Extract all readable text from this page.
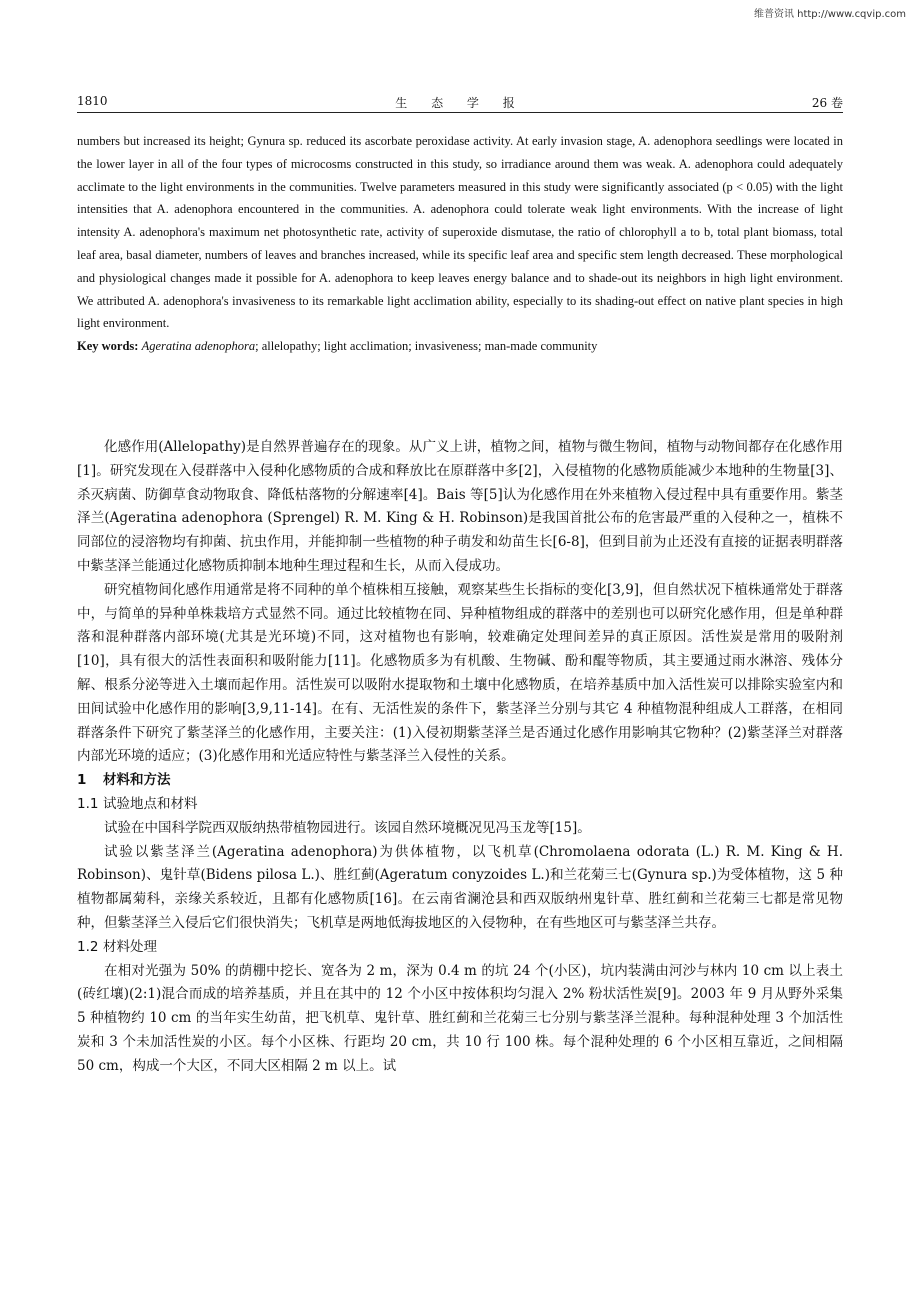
维普资讯 http://www.cqvip.com
1810	生 态 学 报	26 卷

numbers but increased its height; Gynura sp. reduced its ascorbate peroxidase activity. At early invasion stage, A. adenophora seedlings were located in the lower layer in all of the four types of microcosms constructed in this study, so irradiance around them was weak. A. adenophora could adequately acclimate to the light environments in the communities. Twelve parameters measured in this study were significantly associated (p < 0.05) with the light intensities that A. adenophora encountered in the communities. A. adenophora could tolerate weak light environments. With the increase of light intensity A. adenophora's maximum net photosynthetic rate, activity of superoxide dismutase, the ratio of chlorophyll a to b, total plant biomass, total leaf area, basal diameter, numbers of leaves and branches increased, while its specific leaf area and specific stem length decreased. These morphological and physiological changes made it possible for A. adenophora to keep leaves energy balance and to shade-out its neighbors in high light environment. We attributed A. adenophora's invasiveness to its remarkable light acclimation ability, especially to its shading-out effect on native plant species in high light environment.

Key words: Ageratina adenophora; allelopathy; light acclimation; invasiveness; man-made community

化感作用(Allelopathy)是自然界普遍存在的现象。从广义上讲，植物之间，植物与微生物间，植物与动物间都存在化感作用[1]。研究发现在入侵群落中入侵种化感物质的合成和释放比在原群落中多[2]，入侵植物的化感物质能减少本地种的生物量[3]、杀灭病菌、防御草食动物取食、降低枯落物的分解速率[4]。Bais 等[5]认为化感作用在外来植物入侵过程中具有重要作用。紫茎泽兰(Ageratina adenophora (Sprengel) R. M. King & H. Robinson)是我国首批公布的危害最严重的入侵种之一，植株不同部位的浸溶物均有抑菌、抗虫作用，并能抑制一些植物的种子萌发和幼苗生长[6-8]，但到目前为止还没有直接的证据表明群落中紫茎泽兰能通过化感物质抑制本地种生理过程和生长，从而入侵成功。

研究植物间化感作用通常是将不同种的单个植株相互接触，观察某些生长指标的变化[3,9]，但自然状况下植株通常处于群落中，与简单的异种单株栽培方式显然不同。通过比较植物在同、异种植物组成的群落中的差别也可以研究化感作用，但是单种群落和混种群落内部环境(尤其是光环境)不同，这对植物也有影响，较难确定处理间差异的真正原因。活性炭是常用的吸附剂[10]，具有很大的活性表面积和吸附能力[11]。化感物质多为有机酸、生物碱、酚和醌等物质，其主要通过雨水淋溶、残体分解、根系分泌等进入土壤而起作用。活性炭可以吸附水提取物和土壤中化感物质，在培养基质中加入活性炭可以排除实验室内和田间试验中化感作用的影响[3,9,11-14]。在有、无活性炭的条件下，紫茎泽兰分别与其它 4 种植物混种组成人工群落，在相同群落条件下研究了紫茎泽兰的化感作用，主要关注：(1)入侵初期紫茎泽兰是否通过化感作用影响其它物种？(2)紫茎泽兰对群落内部光环境的适应；(3)化感作用和光适应特性与紫茎泽兰入侵性的关系。

1 材料和方法
1.1 试验地点和材料

试验在中国科学院西双版纳热带植物园进行。该园自然环境概况见冯玉龙等[15]。

试验以紫茎泽兰(Ageratina adenophora)为供体植物，以飞机草(Chromolaena odorata (L.) R. M. King & H. Robinson)、鬼针草(Bidens pilosa L.)、胜红蓟(Ageratum conyzoides L.)和兰花菊三七(Gynura sp.)为受体植物，这 5 种植物都属菊科，亲缘关系较近，且都有化感物质[16]。在云南省澜沧县和西双版纳州鬼针草、胜红蓟和兰花菊三七都是常见物种，但紫茎泽兰入侵后它们很快消失；飞机草是两地低海拔地区的入侵物种，在有些地区可与紫茎泽兰共存。

1.2 材料处理

在相对光强为 50% 的荫棚中挖长、宽各为 2 m，深为 0.4 m 的坑 24 个(小区)，坑内装满由河沙与林内 10 cm 以上表土(砖红壤)(2:1)混合而成的培养基质，并且在其中的 12 个小区中按体积均匀混入 2% 粉状活性炭[9]。2003 年 9 月从野外采集 5 种植物约 10 cm 的当年实生幼苗，把飞机草、鬼针草、胜红蓟和兰花菊三七分别与紫茎泽兰混种。每种混种处理 3 个加活性炭和 3 个未加活性炭的小区。每个小区株、行距均 20 cm，共 10 行 100 株。每个混种处理的 6 个小区相互靠近，之间相隔 50 cm，构成一个大区，不同大区相隔 2 m 以上。试
